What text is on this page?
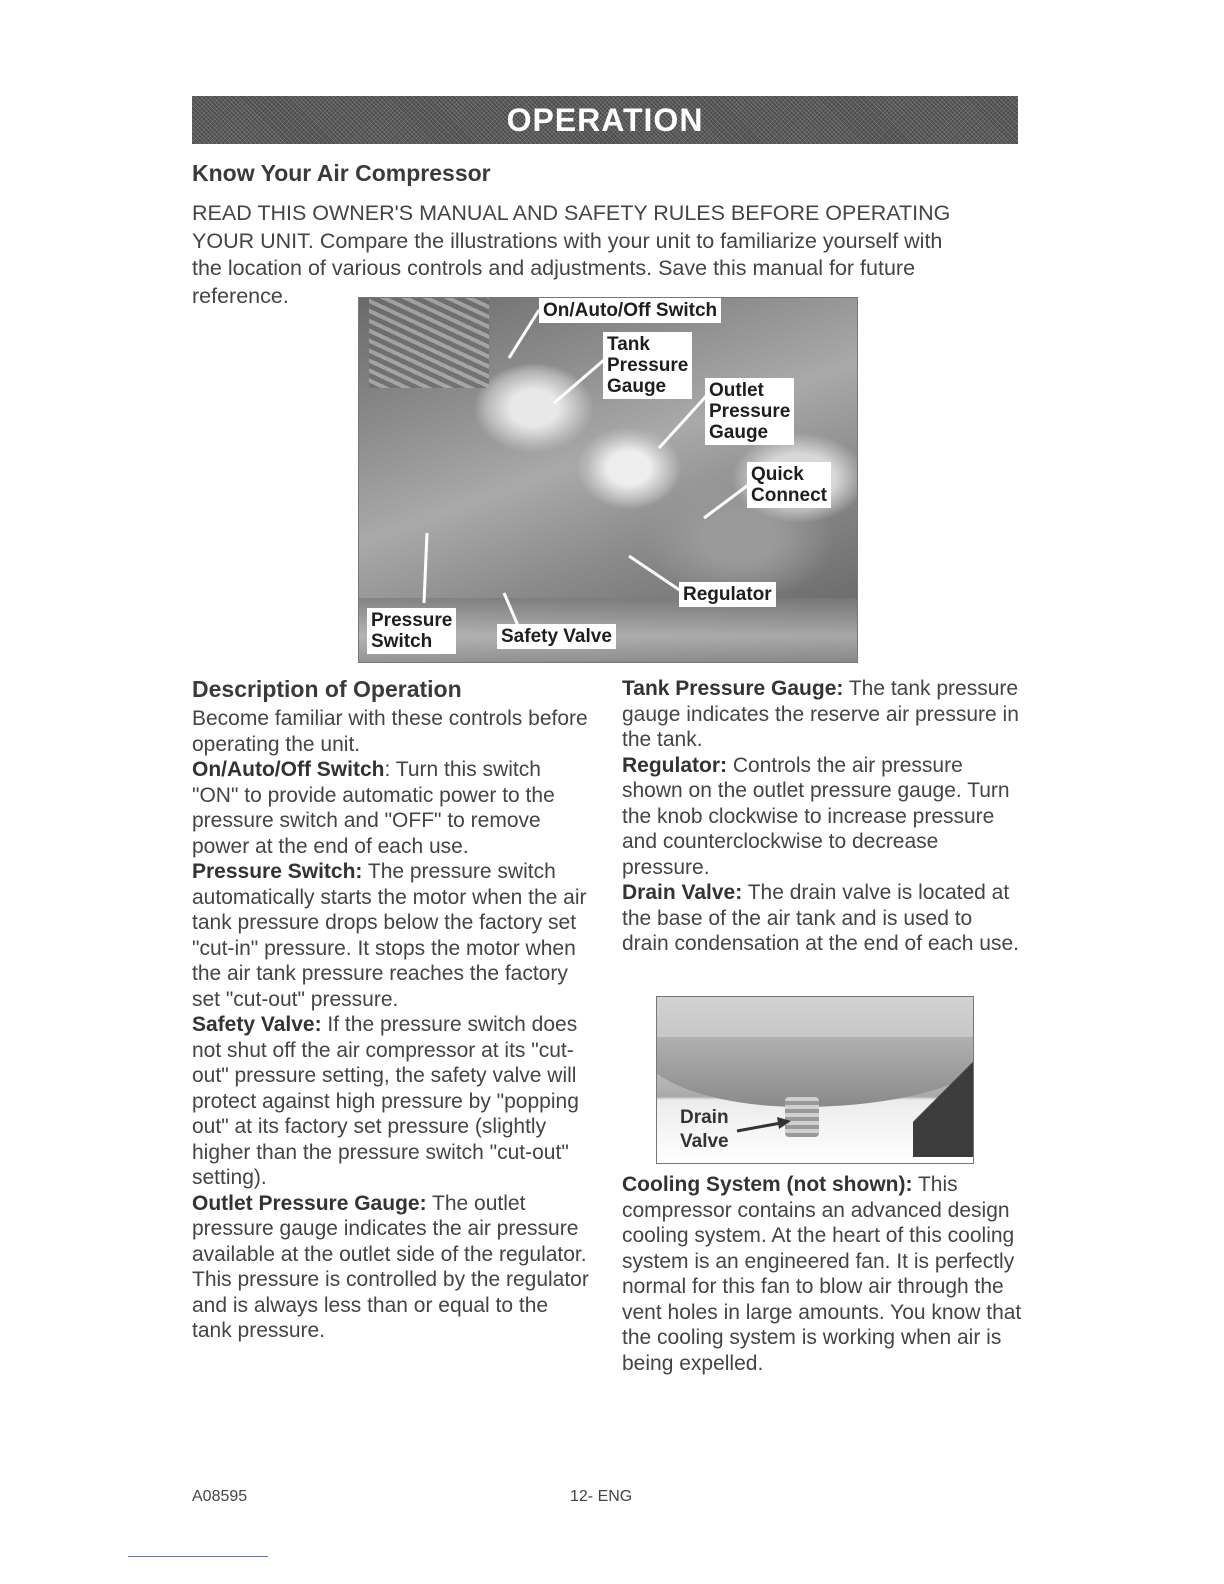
OPERATION
Know Your Air Compressor
READ THIS OWNER'S MANUAL AND SAFETY RULES BEFORE OPERATING
YOUR UNIT. Compare the illustrations with your unit to familiarize yourself with
the location of various controls and adjustments. Save this manual for future
reference.
On/Auto/Off Switch
Tank
Pressure
Gauge	Outlet
Pressure
Gauge
Quick
Connect
Regulator
Pressure
Switch	Safety Valve
Description of Operation

Become familiar with these controls before operating the unit.

On/Auto/Off Switch: Turn this switch "ON" to provide automatic power to the pressure switch and "OFF" to remove power at the end of each use.

Pressure Switch: The pressure switch automatically starts the motor when the air tank pressure drops below the factory set "cut-in" pressure. It stops the motor when the air tank pressure reaches the factory set "cut-out" pressure.

Safety Valve: If the pressure switch does not shut off the air compressor at its "cut-out" pressure setting, the safety valve will protect against high pressure by "popping out" at its factory set pressure (slightly higher than the pressure switch "cut-out" setting).

Outlet Pressure Gauge: The outlet pressure gauge indicates the air pressure available at the outlet side of the regulator. This pressure is controlled by the regulator and is always less than or equal to the tank pressure.

Tank Pressure Gauge: The tank pressure gauge indicates the reserve air pressure in the tank.

Regulator: Controls the air pressure shown on the outlet pressure gauge. Turn the knob clockwise to increase pressure and counterclockwise to decrease pressure.

Drain Valve: The drain valve is located at the base of the air tank and is used to drain condensation at the end of each use.

Drain
Valve

Cooling System (not shown): This compressor contains an advanced design cooling system. At the heart of this cooling system is an engineered fan. It is perfectly normal for this fan to blow air through the vent holes in large amounts. You know that the cooling system is working when air is being expelled.

A08595	12- ENG
